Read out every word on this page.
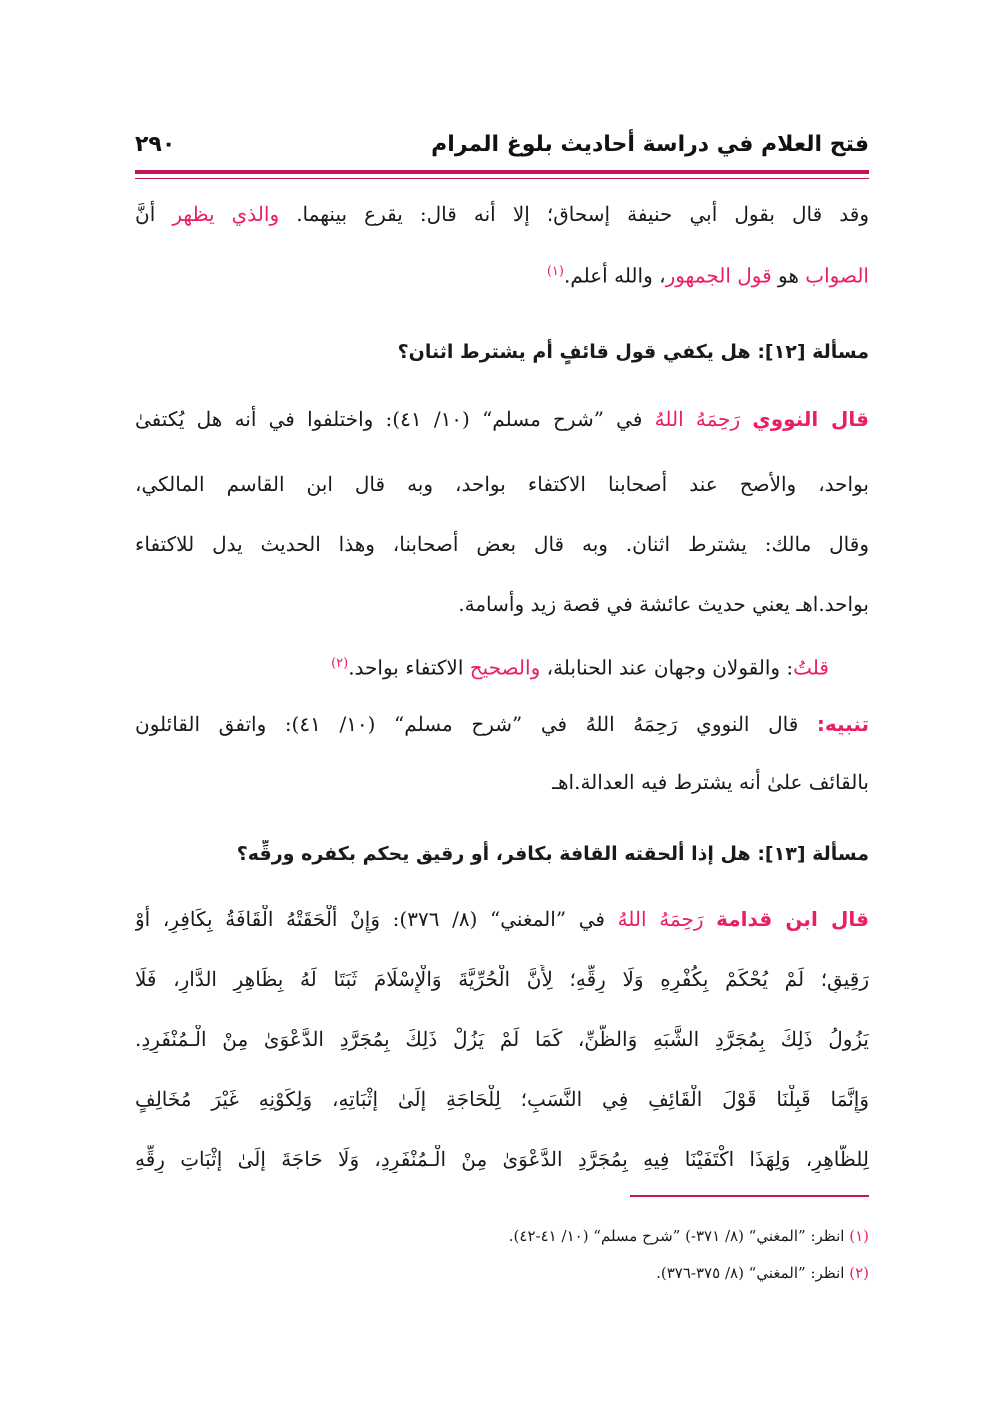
فتح العلام في دراسة أحاديث بلوغ المرام
٢٩٠
وقد قال بقول أبي حنيفة إسحاق؛ إلا أنه قال: يقرع بينهما. والذي يظهر أنَّ
الصواب هو قول الجمهور، والله أعلم.$^{(١)}$
مسألة [١٢]: هل يكفي قول قائفٍ أم يشترط اثنان؟
قال النووي رَحِمَهُ اللهُ في ”شرح مسلم“ (١٠/ ٤١): واختلفوا في أنه هل يُكتفىٰ
بواحد، والأصح عند أصحابنا الاكتفاء بواحد، وبه قال ابن القاسم المالكي،
وقال مالك: يشترط اثنان. وبه قال بعض أصحابنا، وهذا الحديث يدل للاكتفاء
بواحد.اهـ يعني حديث عائشة في قصة زيد وأسامة.
قلتُ: والقولان وجهان عند الحنابلة، والصحيح الاكتفاء بواحد.$^{(٢)}$
تنبيه: قال النووي رَحِمَهُ اللهُ في ”شرح مسلم“ (١٠/ ٤١): واتفق القائلون
بالقائف علىٰ أنه يشترط فيه العدالة.اهـ
مسألة [١٣]: هل إذا ألحقته القافة بكافر، أو رقيق يحكم بكفره ورقِّه؟
قال ابن قدامة رَحِمَهُ اللهُ في ”المغني“ (٨/ ٣٧٦): وَإِنْ أَلْحَقَتْهُ الْقَافَةُ بِكَافِرٍ، أَوْ
رَقِيقٍ؛ لَمْ يُحْكَمْ بِكُفْرِهِ وَلَا رِقِّهِ؛ لِأَنَّ الْحُرِّيَّةَ وَالْإِسْلَامَ ثَبَتَا لَهُ بِظَاهِرِ الدَّارِ، فَلَا
يَزُولُ ذَلِكَ بِمُجَرَّدِ الشَّبَهِ وَالظَّنِّ، كَمَا لَمْ يَزُلْ ذَلِكَ بِمُجَرَّدِ الدَّعْوَىٰ مِنْ الْـمُنْفَرِدِ.
وَإِنَّمَا قَبِلْنَا قَوْلَ الْقَائِفِ فِي النَّسَبِ؛ لِلْحَاجَةِ إلَىٰ إثْبَاتِهِ، وَلِكَوْنِهِ غَيْرَ مُخَالِفٍ
لِلظَّاهِرِ، وَلِهَذَا اكْتَفَيْنَا فِيهِ بِمُجَرَّدِ الدَّعْوَىٰ مِنْ الْـمُنْفَرِدِ، وَلَا حَاجَةَ إلَىٰ إثْبَاتِ رِقِّهِ
(١) انظر: ”المغني“ (٨/ ٣٧١-) ”شرح مسلم“ (١٠/ ٤١-٤٢).
(٢) انظر: ”المغني“ (٨/ ٣٧٥-٣٧٦).
